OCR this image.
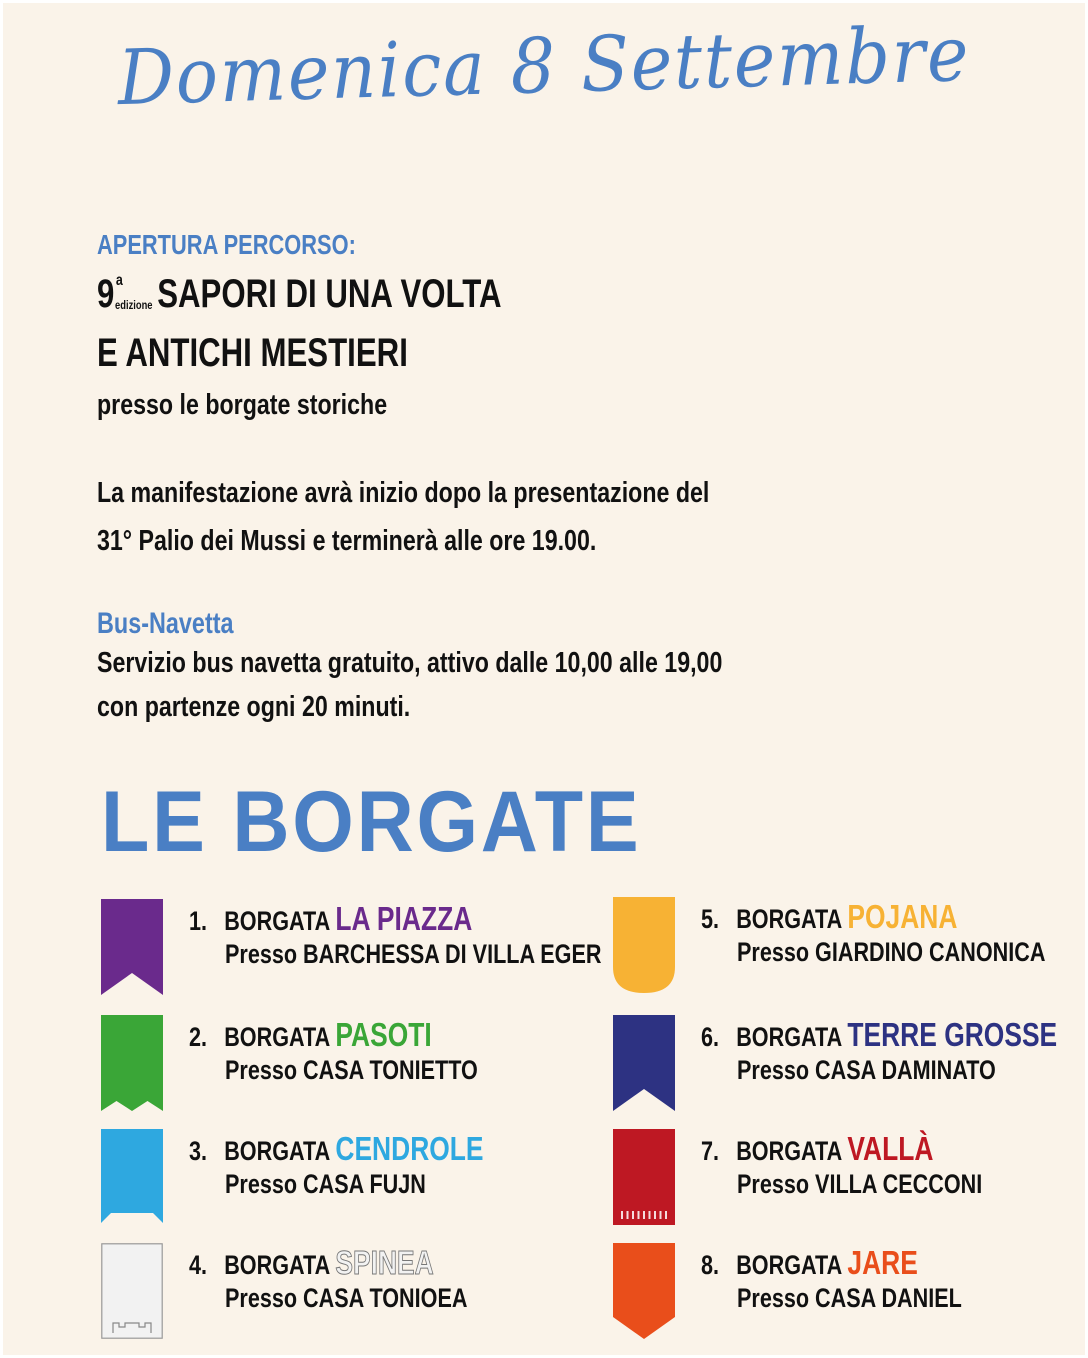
Domenica 8 Settembre
APERTURA PERCORSO:
9$^a$edizione SAPORI DI UNA VOLTA
E ANTICHI MESTIERI
presso le borgate storiche
La manifestazione avrà inizio dopo la presentazione del
31° Palio dei Mussi e terminerà alle ore 19.00.
Bus-Navetta
Servizio bus navetta gratuito, attivo dalle 10,00 alle 19,00
con partenze ogni 20 minuti.
LE BORGATE
1. BORGATA LA PIAZZA
Presso BARCHESSA DI VILLA EGER
2. BORGATA PASOTI
Presso CASA TONIETTO
3. BORGATA CENDROLE
Presso CASA FUJN
4. BORGATA SPINEA
Presso CASA TONIOEA
5. BORGATA POJANA
Presso GIARDINO CANONICA
6. BORGATA TERRE GROSSE
Presso CASA DAMINATO
7. BORGATA VALLÀ
Presso VILLA CECCONI
8. BORGATA JARE
Presso CASA DANIEL
